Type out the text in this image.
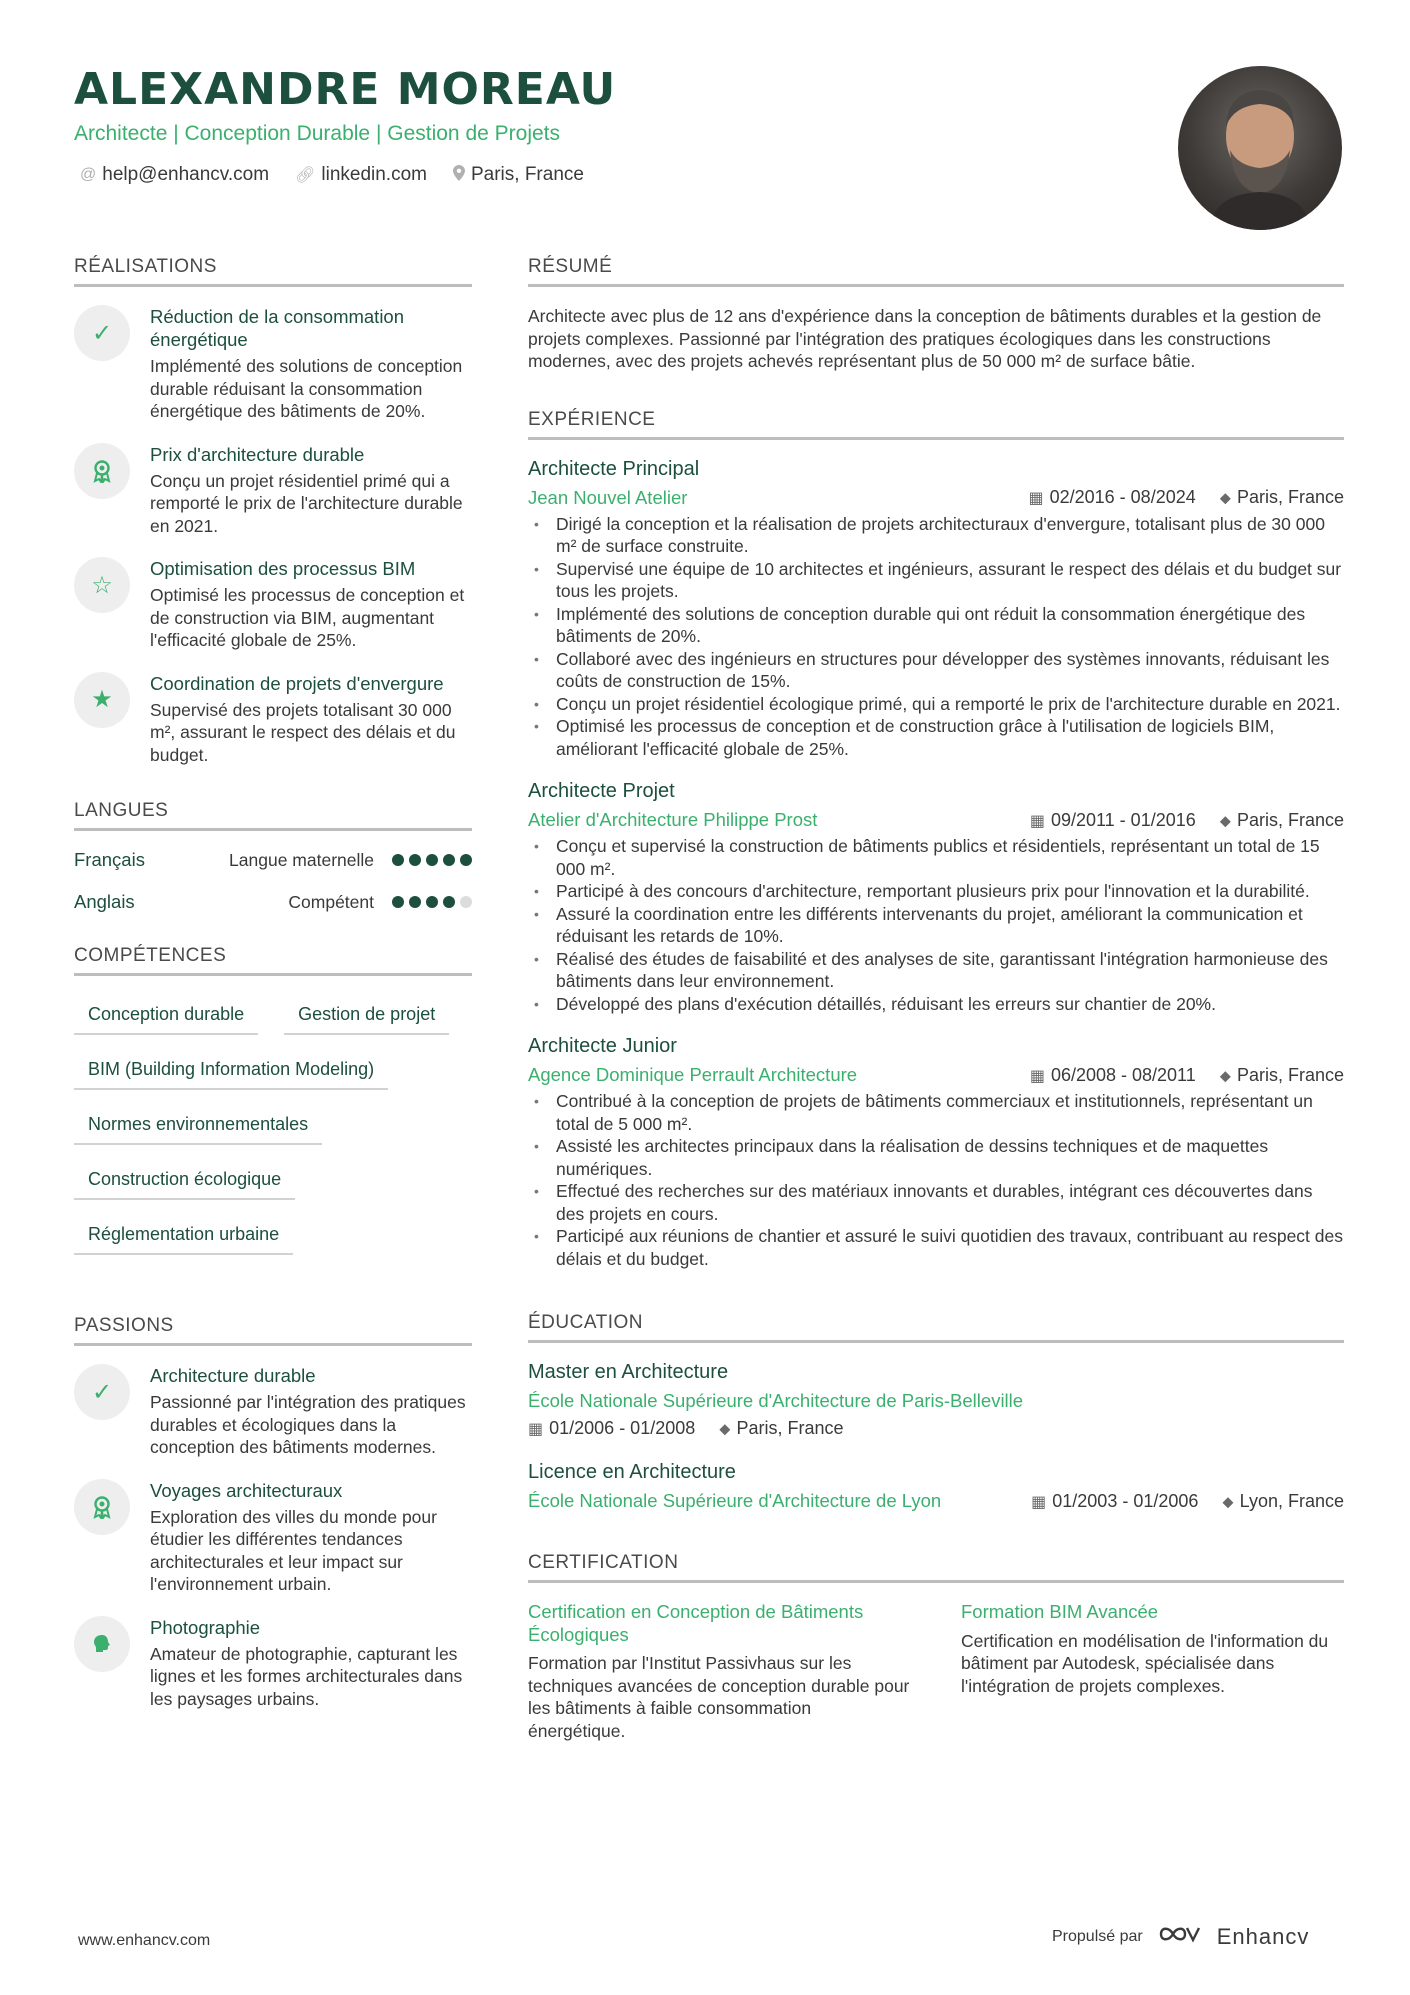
ALEXANDRE MOREAU
Architecte | Conception Durable | Gestion de Projets
@ help@enhancv.com 🔗︎ linkedin.com Paris, France
RÉALISATIONS
✓
Réduction de la consommation énergétique
Implémenté des solutions de conception durable réduisant la consommation énergétique des bâtiments de 20%.
Prix d'architecture durable
Conçu un projet résidentiel primé qui a remporté le prix de l'architecture durable en 2021.
☆
Optimisation des processus BIM
Optimisé les processus de conception et de construction via BIM, augmentant l'efficacité globale de 25%.
★
Coordination de projets d'envergure
Supervisé des projets totalisant 30 000 m², assurant le respect des délais et du budget.
LANGUES
Français	Langue maternelle
Anglais	Compétent
COMPÉTENCES
Conception durable	Gestion de projet
BIM (Building Information Modeling)
Normes environnementales
Construction écologique
Réglementation urbaine
PASSIONS
✓
Architecture durable
Passionné par l'intégration des pratiques durables et écologiques dans la conception des bâtiments modernes.
Voyages architecturaux
Exploration des villes du monde pour étudier les différentes tendances architecturales et leur impact sur l'environnement urbain.
Photographie
Amateur de photographie, capturant les lignes et les formes architecturales dans les paysages urbains.
RÉSUMÉ
Architecte avec plus de 12 ans d'expérience dans la conception de bâtiments durables et la gestion de projets complexes. Passionné par l'intégration des pratiques écologiques dans les constructions modernes, avec des projets achevés représentant plus de 50 000 m² de surface bâtie.
EXPÉRIENCE
Architecte Principal
Jean Nouvel Atelier	▦ 02/2016 - 08/2024 ⬥ Paris, France
• Dirigé la conception et la réalisation de projets architecturaux d'envergure, totalisant plus de 30 000 m² de surface construite.
• Supervisé une équipe de 10 architectes et ingénieurs, assurant le respect des délais et du budget sur tous les projets.
• Implémenté des solutions de conception durable qui ont réduit la consommation énergétique des bâtiments de 20%.
• Collaboré avec des ingénieurs en structures pour développer des systèmes innovants, réduisant les coûts de construction de 15%.
• Conçu un projet résidentiel écologique primé, qui a remporté le prix de l'architecture durable en 2021.
• Optimisé les processus de conception et de construction grâce à l'utilisation de logiciels BIM, améliorant l'efficacité globale de 25%.
Architecte Projet
Atelier d'Architecture Philippe Prost	▦ 09/2011 - 01/2016 ⬥ Paris, France
• Conçu et supervisé la construction de bâtiments publics et résidentiels, représentant un total de 15 000 m².
• Participé à des concours d'architecture, remportant plusieurs prix pour l'innovation et la durabilité.
• Assuré la coordination entre les différents intervenants du projet, améliorant la communication et réduisant les retards de 10%.
• Réalisé des études de faisabilité et des analyses de site, garantissant l'intégration harmonieuse des bâtiments dans leur environnement.
• Développé des plans d'exécution détaillés, réduisant les erreurs sur chantier de 20%.
Architecte Junior
Agence Dominique Perrault Architecture	▦ 06/2008 - 08/2011 ⬥ Paris, France
• Contribué à la conception de projets de bâtiments commerciaux et institutionnels, représentant un total de 5 000 m².
• Assisté les architectes principaux dans la réalisation de dessins techniques et de maquettes numériques.
• Effectué des recherches sur des matériaux innovants et durables, intégrant ces découvertes dans des projets en cours.
• Participé aux réunions de chantier et assuré le suivi quotidien des travaux, contribuant au respect des délais et du budget.
ÉDUCATION
Master en Architecture
École Nationale Supérieure d'Architecture de Paris-Belleville
▦ 01/2006 - 01/2008 ⬥ Paris, France
Licence en Architecture
École Nationale Supérieure d'Architecture de Lyon	▦ 01/2003 - 01/2006 ⬥ Lyon, France
CERTIFICATION
Certification en Conception de Bâtiments Écologiques
Formation par l'Institut Passivhaus sur les techniques avancées de conception durable pour les bâtiments à faible consommation énergétique.
Formation BIM Avancée
Certification en modélisation de l'information du bâtiment par Autodesk, spécialisée dans l'intégration de projets complexes.
www.enhancv.com	Propulsé par	Enhancv
